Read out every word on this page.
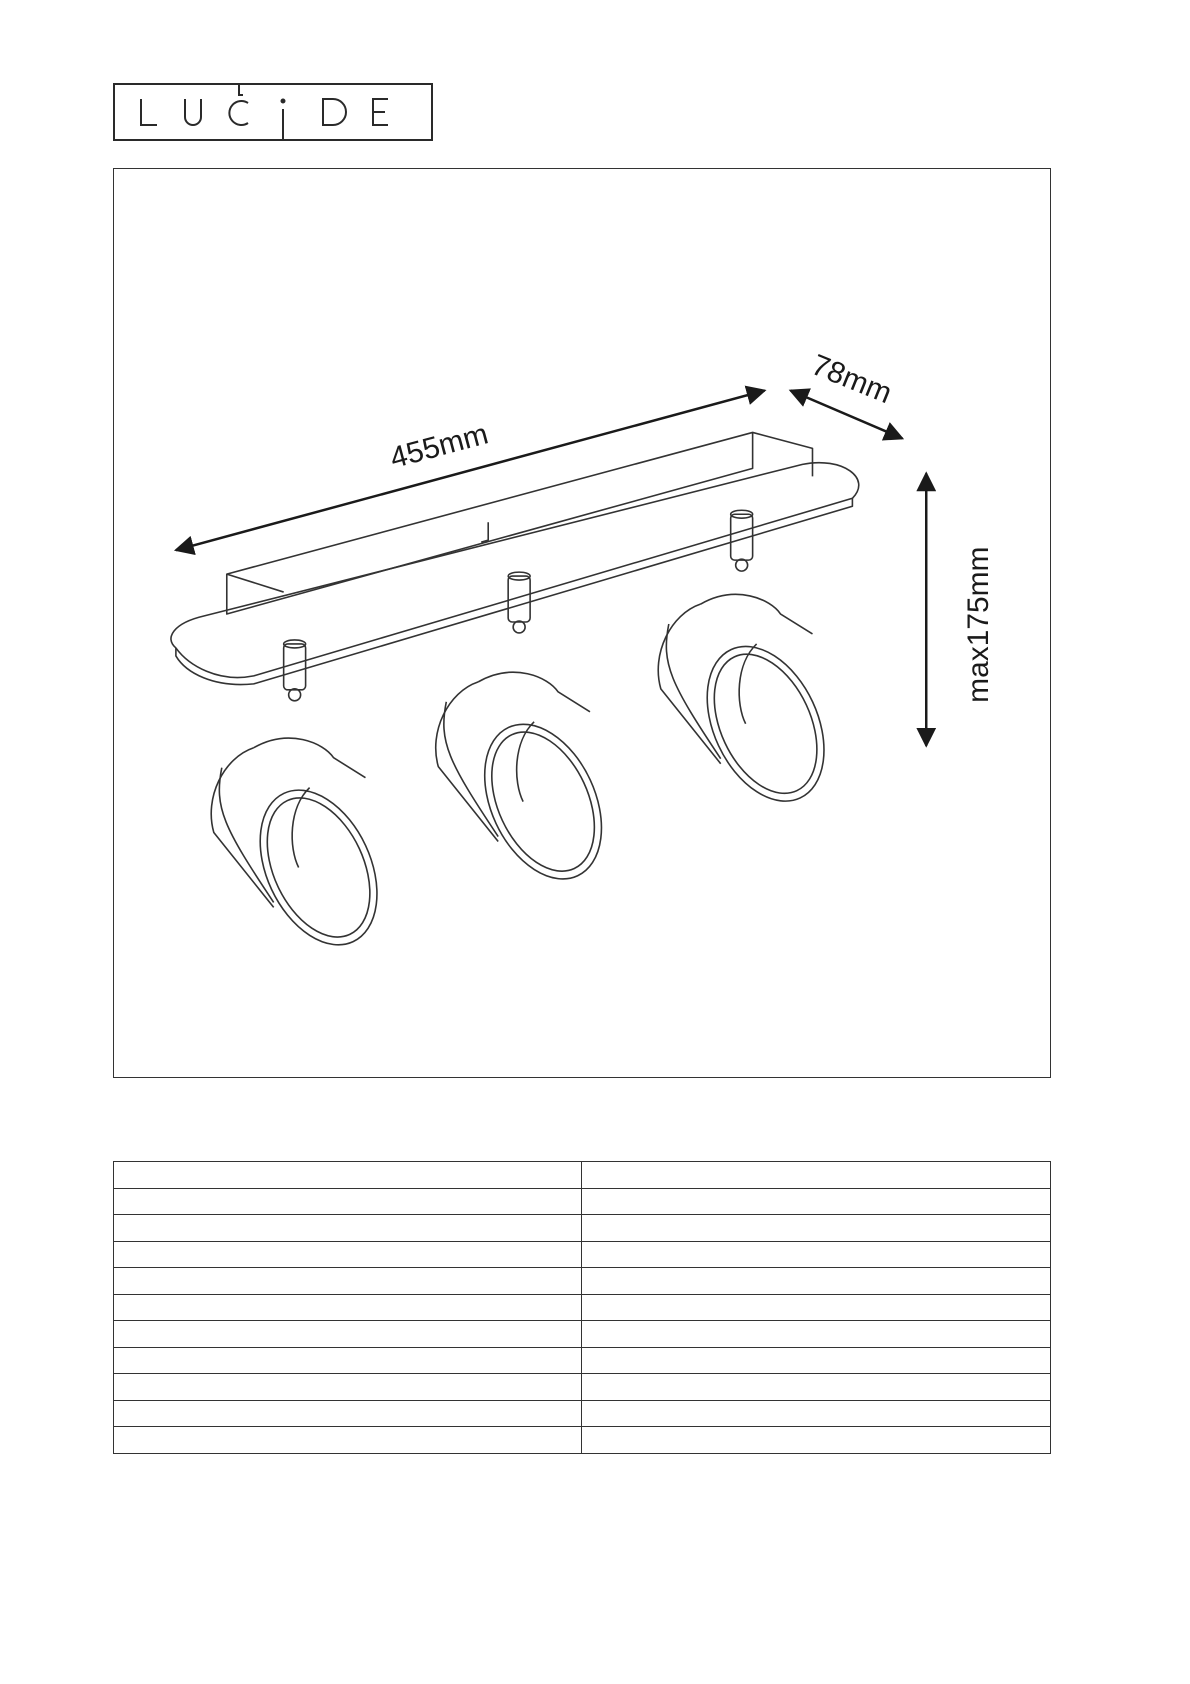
455mm
78mm
max175mm
